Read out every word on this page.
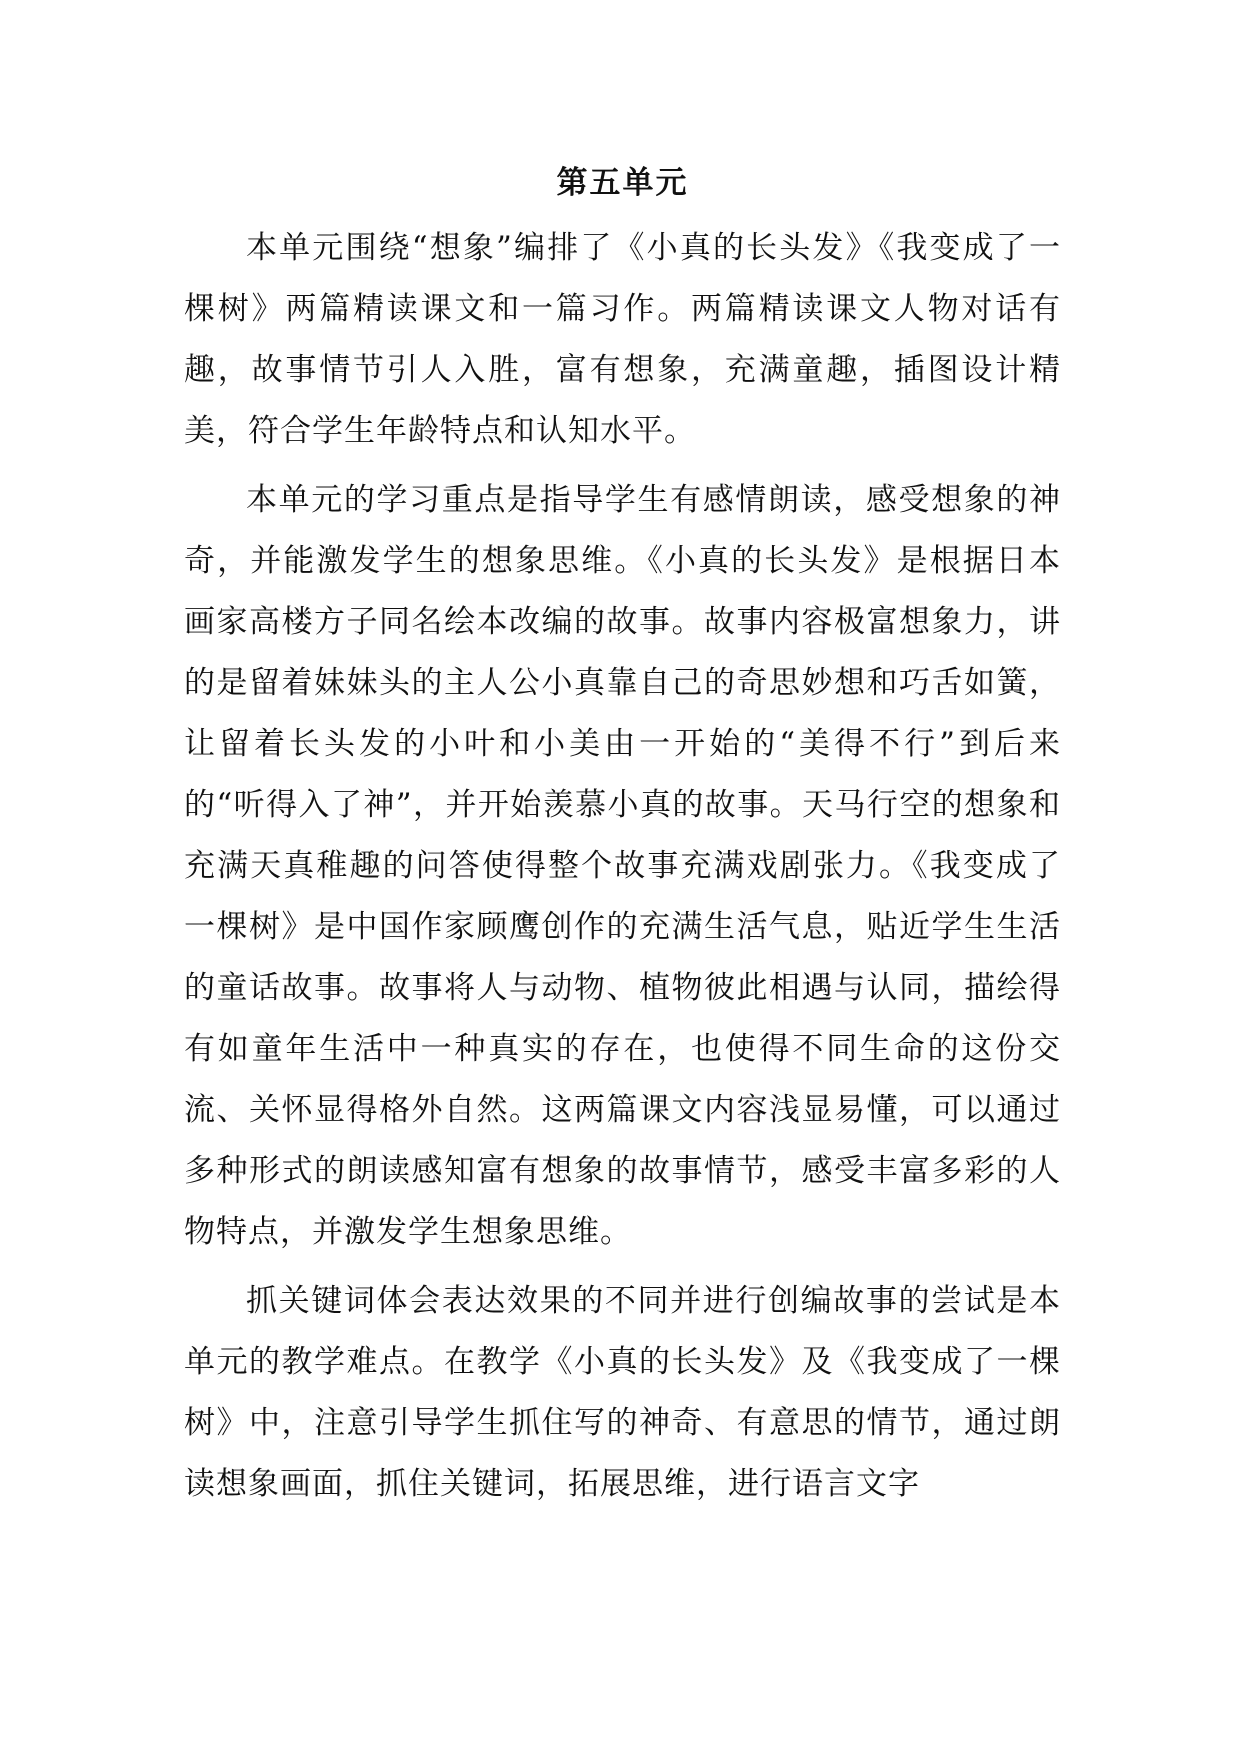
第五单元

本单元围绕“想象”编排了《小真的长头发》《我变成了一棵树》两篇精读课文和一篇习作。两篇精读课文人物对话有趣，故事情节引人入胜，富有想象，充满童趣，插图设计精美，符合学生年龄特点和认知水平。

本单元的学习重点是指导学生有感情朗读，感受想象的神奇，并能激发学生的想象思维。《小真的长头发》是根据日本画家高楼方子同名绘本改编的故事。故事内容极富想象力，讲的是留着妹妹头的主人公小真靠自己的奇思妙想和巧舌如簧，让留着长头发的小叶和小美由一开始的“美得不行”到后来的“听得入了神”，并开始羡慕小真的故事。天马行空的想象和充满天真稚趣的问答使得整个故事充满戏剧张力。《我变成了一棵树》是中国作家顾鹰创作的充满生活气息，贴近学生生活的童话故事。故事将人与动物、植物彼此相遇与认同，描绘得有如童年生活中一种真实的存在，也使得不同生命的这份交流、关怀显得格外自然。这两篇课文内容浅显易懂，可以通过多种形式的朗读感知富有想象的故事情节，感受丰富多彩的人物特点，并激发学生想象思维。

抓关键词体会表达效果的不同并进行创编故事的尝试是本单元的教学难点。在教学《小真的长头发》及《我变成了一棵树》中，注意引导学生抓住写的神奇、有意思的情节，通过朗读想象画面，抓住关键词，拓展思维，进行语言文字
